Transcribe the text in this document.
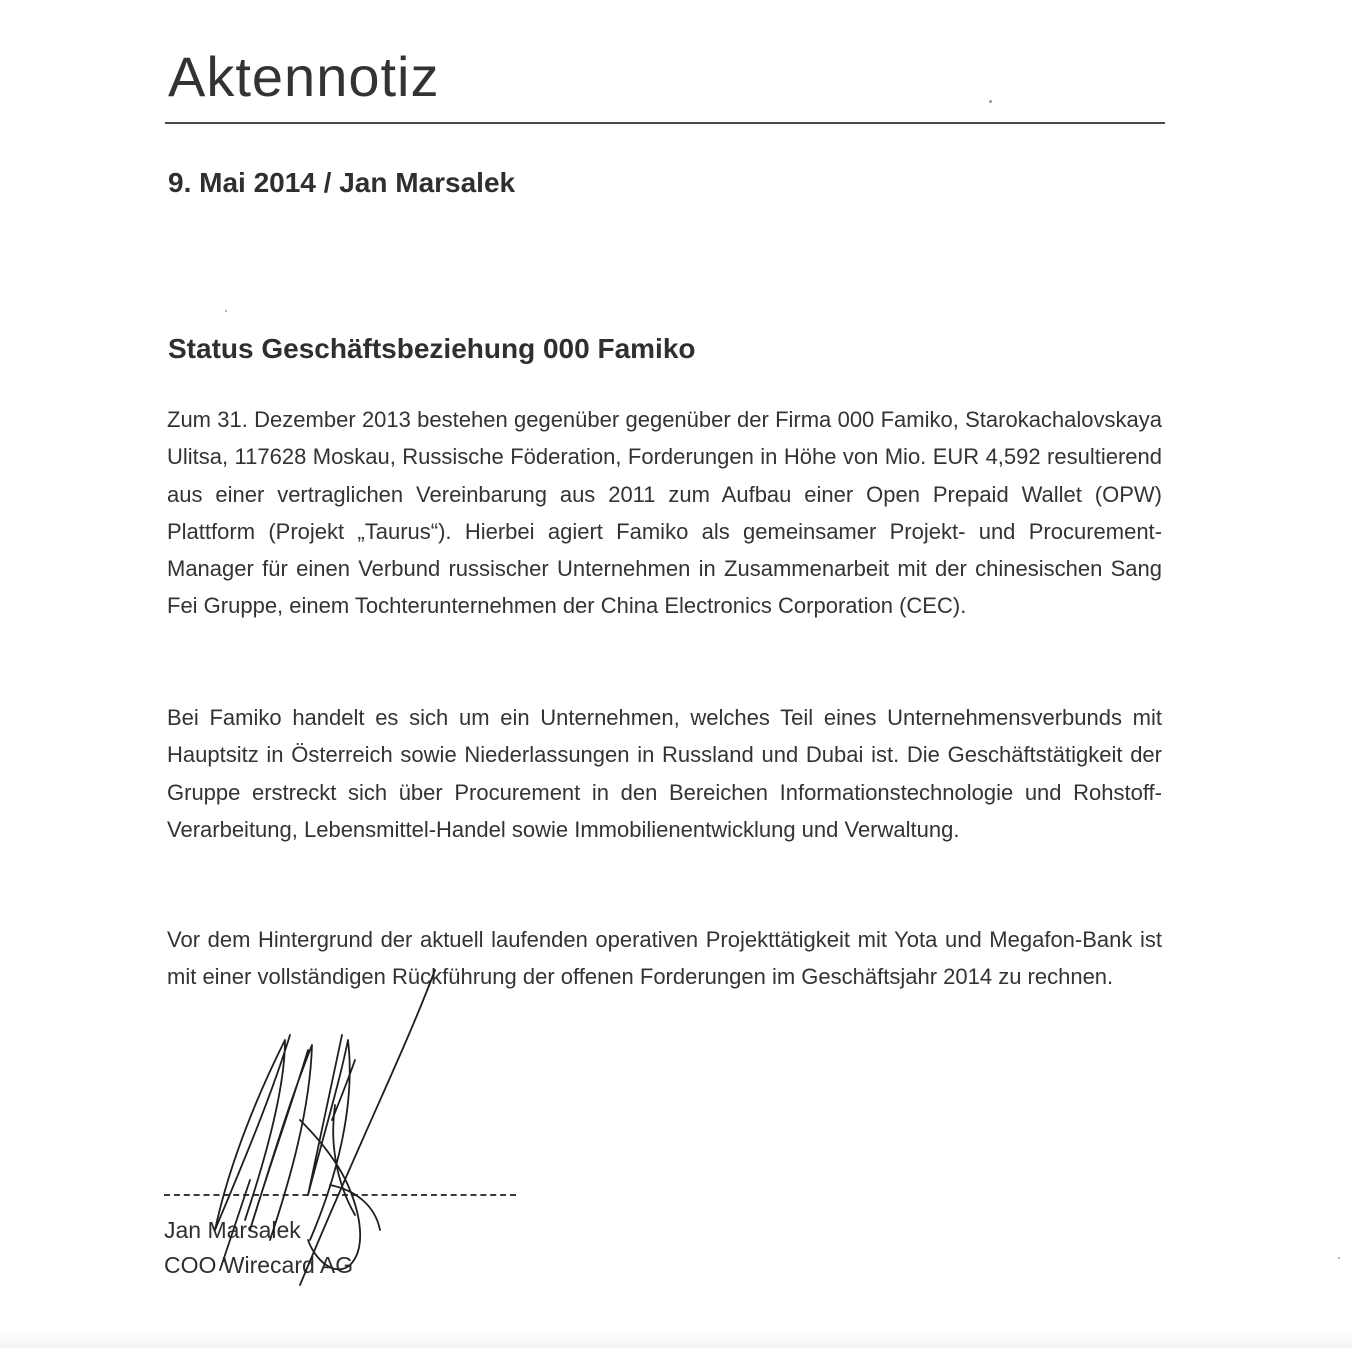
Aktennotiz
9. Mai 2014 / Jan Marsalek
Status Geschäftsbeziehung 000 Famiko

Zum 31. Dezember 2013 bestehen gegenüber gegenüber der Firma 000 Famiko, Starokachalovskaya Ulitsa, 117628 Moskau, Russische Föderation, Forderungen in Höhe von Mio. EUR 4,592 resultierend aus einer vertraglichen Vereinbarung aus 2011 zum Aufbau einer Open Prepaid Wallet (OPW) Plattform (Projekt „Taurus“). Hierbei agiert Famiko als gemeinsamer Projekt- und Procurement-Manager für einen Verbund russischer Unternehmen in Zusammenarbeit mit der chinesischen Sang Fei Gruppe, einem Tochterunternehmen der China Electronics Corporation (CEC).

Bei Famiko handelt es sich um ein Unternehmen, welches Teil eines Unternehmensverbunds mit Hauptsitz in Österreich sowie Niederlassungen in Russland und Dubai ist. Die Geschäftstätigkeit der Gruppe erstreckt sich über Procurement in den Bereichen Informationstechnologie und Rohstoff-Verarbeitung, Lebensmittel-Handel sowie Immobilienentwicklung und Verwaltung.

Vor dem Hintergrund der aktuell laufenden operativen Projekttätigkeit mit Yota und Megafon-Bank ist mit einer vollständigen Rückführung der offenen Forderungen im Geschäftsjahr 2014 zu rechnen.

Jan Marsalek

COO Wirecard AG
